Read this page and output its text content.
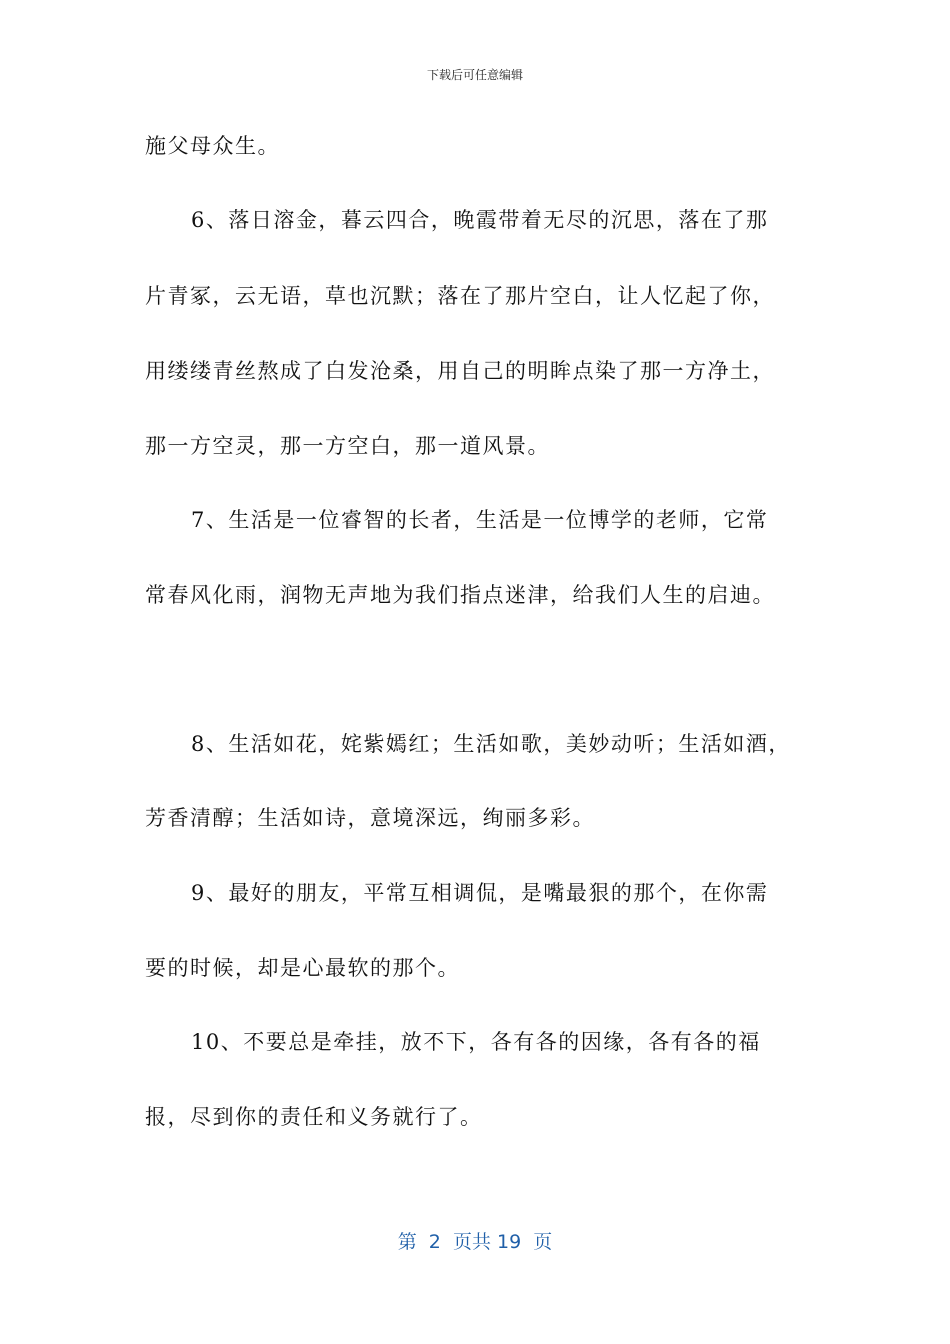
下载后可任意编辑
施父母众生。
6、落日溶金，暮云四合，晚霞带着无尽的沉思，落在了那
片青冢，云无语，草也沉默；落在了那片空白，让人忆起了你，
用缕缕青丝熬成了白发沧桑，用自己的明眸点染了那一方净土，
那一方空灵，那一方空白，那一道风景。
7、生活是一位睿智的长者，生活是一位博学的老师，它常
常春风化雨，润物无声地为我们指点迷津，给我们人生的启迪。
8、生活如花，姹紫嫣红；生活如歌，美妙动听；生活如酒，
芳香清醇；生活如诗，意境深远，绚丽多彩。
9、最好的朋友，平常互相调侃，是嘴最狠的那个，在你需
要的时候，却是心最软的那个。
10、不要总是牵挂，放不下，各有各的因缘，各有各的福
报，尽到你的责任和义务就行了。
第  2  页共 19  页
